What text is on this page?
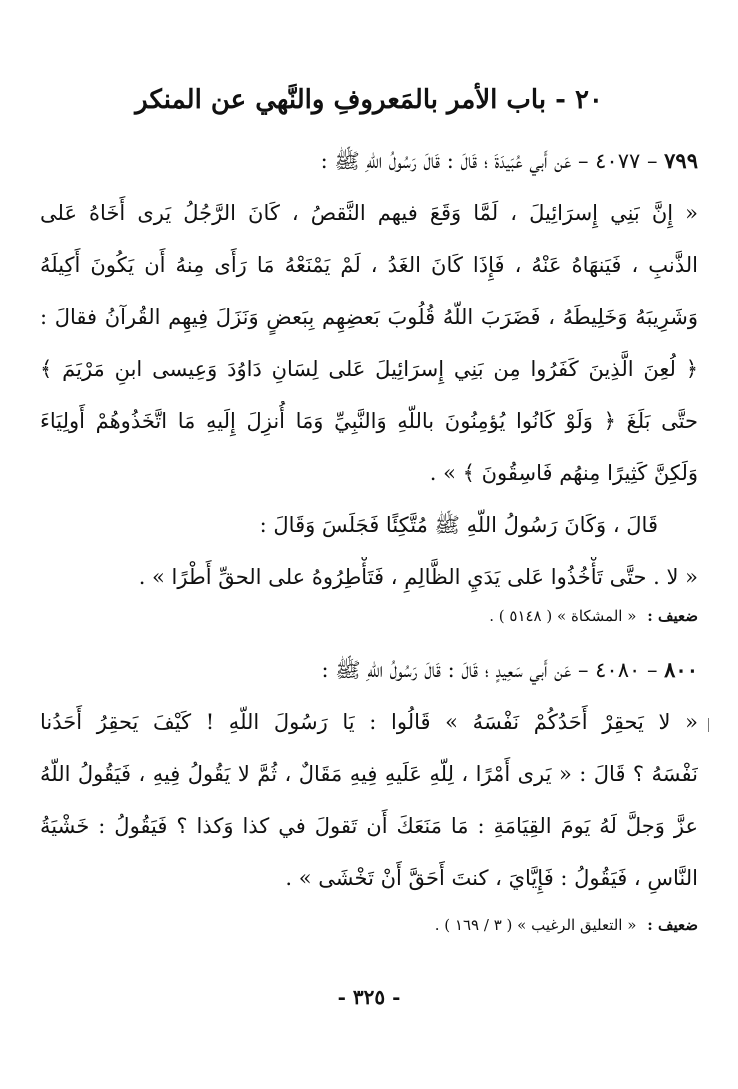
٢٠ - باب الأمر بالمَعروفِ والنَّهي عن المنكر
٧٩٩ – ٤٠٧٧ – عَن أَبي عُبَيدَةَ ؛ قَالَ : قَالَ رَسُولُ اللّهِ ﷺ :
« إِنَّ بَنِي إِسرَائِيلَ ، لَمَّا وَقَعَ فيهم النَّقصُ ، كَانَ الرَّجُلُ يَرى أَخَاهُ عَلى
الذَّنبِ ، فَيَنهَاهُ عَنْهُ ، فَإِذَا كَانَ الغَدُ ، لَمْ يَمْنَعْهُ مَا رَأَى مِنهُ أَن يَكُونَ أَكِيلَهُ
وَشَرِيبَهُ وَخَلِيطَهُ ، فَضَرَبَ اللّهُ قُلُوبَ بَعضِهِم بِبَعضٍ وَنَزَلَ فِيهِم القُرآنُ فقالَ :
﴿ لُعِنَ الَّذِينَ كَفَرُوا مِن بَنِي إِسرَائِيلَ عَلى لِسَانِ دَاوُدَ وَعِيسى ابنِ مَرْيَمَ ﴾
حتَّى بَلَغَ ﴿ وَلَوْ كَانُوا يُؤمِنُونَ باللّهِ وَالنَّبِيِّ وَمَا أُنزِلَ إِلَيهِ مَا اتَّخَذُوهُمْ أَولِيَاءَ
وَلَكِنَّ كَثِيرًا مِنهُم فَاسِقُونَ ﴾ » .
قَالَ ، وَكَانَ رَسُولُ اللّهِ ﷺ مُتَّكِئًا فَجَلَسَ وَقَالَ :
« لا . حتَّى تَأْخُذُوا عَلى يَدَيِ الظَّالِمِ ، فَتَأْطِرُوهُ على الحقِّ أَطْرًا » .
ضعيف : « المشكاة » ( ٥١٤٨ ) .
٨٠٠ – ٤٠٨٠ – عَن أَبي سَعِيدٍ ؛ قَالَ : قَالَ رَسُولُ اللّهِ ﷺ :
« لا يَحقِرْ أَحَدُكُمْ نَفْسَهُ » قَالُوا : يَا رَسُولَ اللّهِ ! كَيْفَ يَحقِرُ أَحَدُنا
نَفْسَهُ ؟ قَالَ : « يَرى أَمْرًا ، لِلّهِ عَلَيهِ فِيهِ مَقَالٌ ، ثُمَّ لا يَقُولُ فِيهِ ، فَيَقُولُ اللّهُ
عزَّ وَجلَّ لَهُ يَومَ القِيَامَةِ : مَا مَنَعَكَ أَن تَقولَ في كذا وَكذا ؟ فَيَقُولُ : خَشْيَةُ
النَّاسِ ، فَيَقُولُ : فَإِيَّايَ ، كنتَ أَحَقَّ أَنْ تَخْشَى » .
ضعيف : « التعليق الرغيب » ( ٣ / ١٦٩ ) .
- ٣٢٥ -
